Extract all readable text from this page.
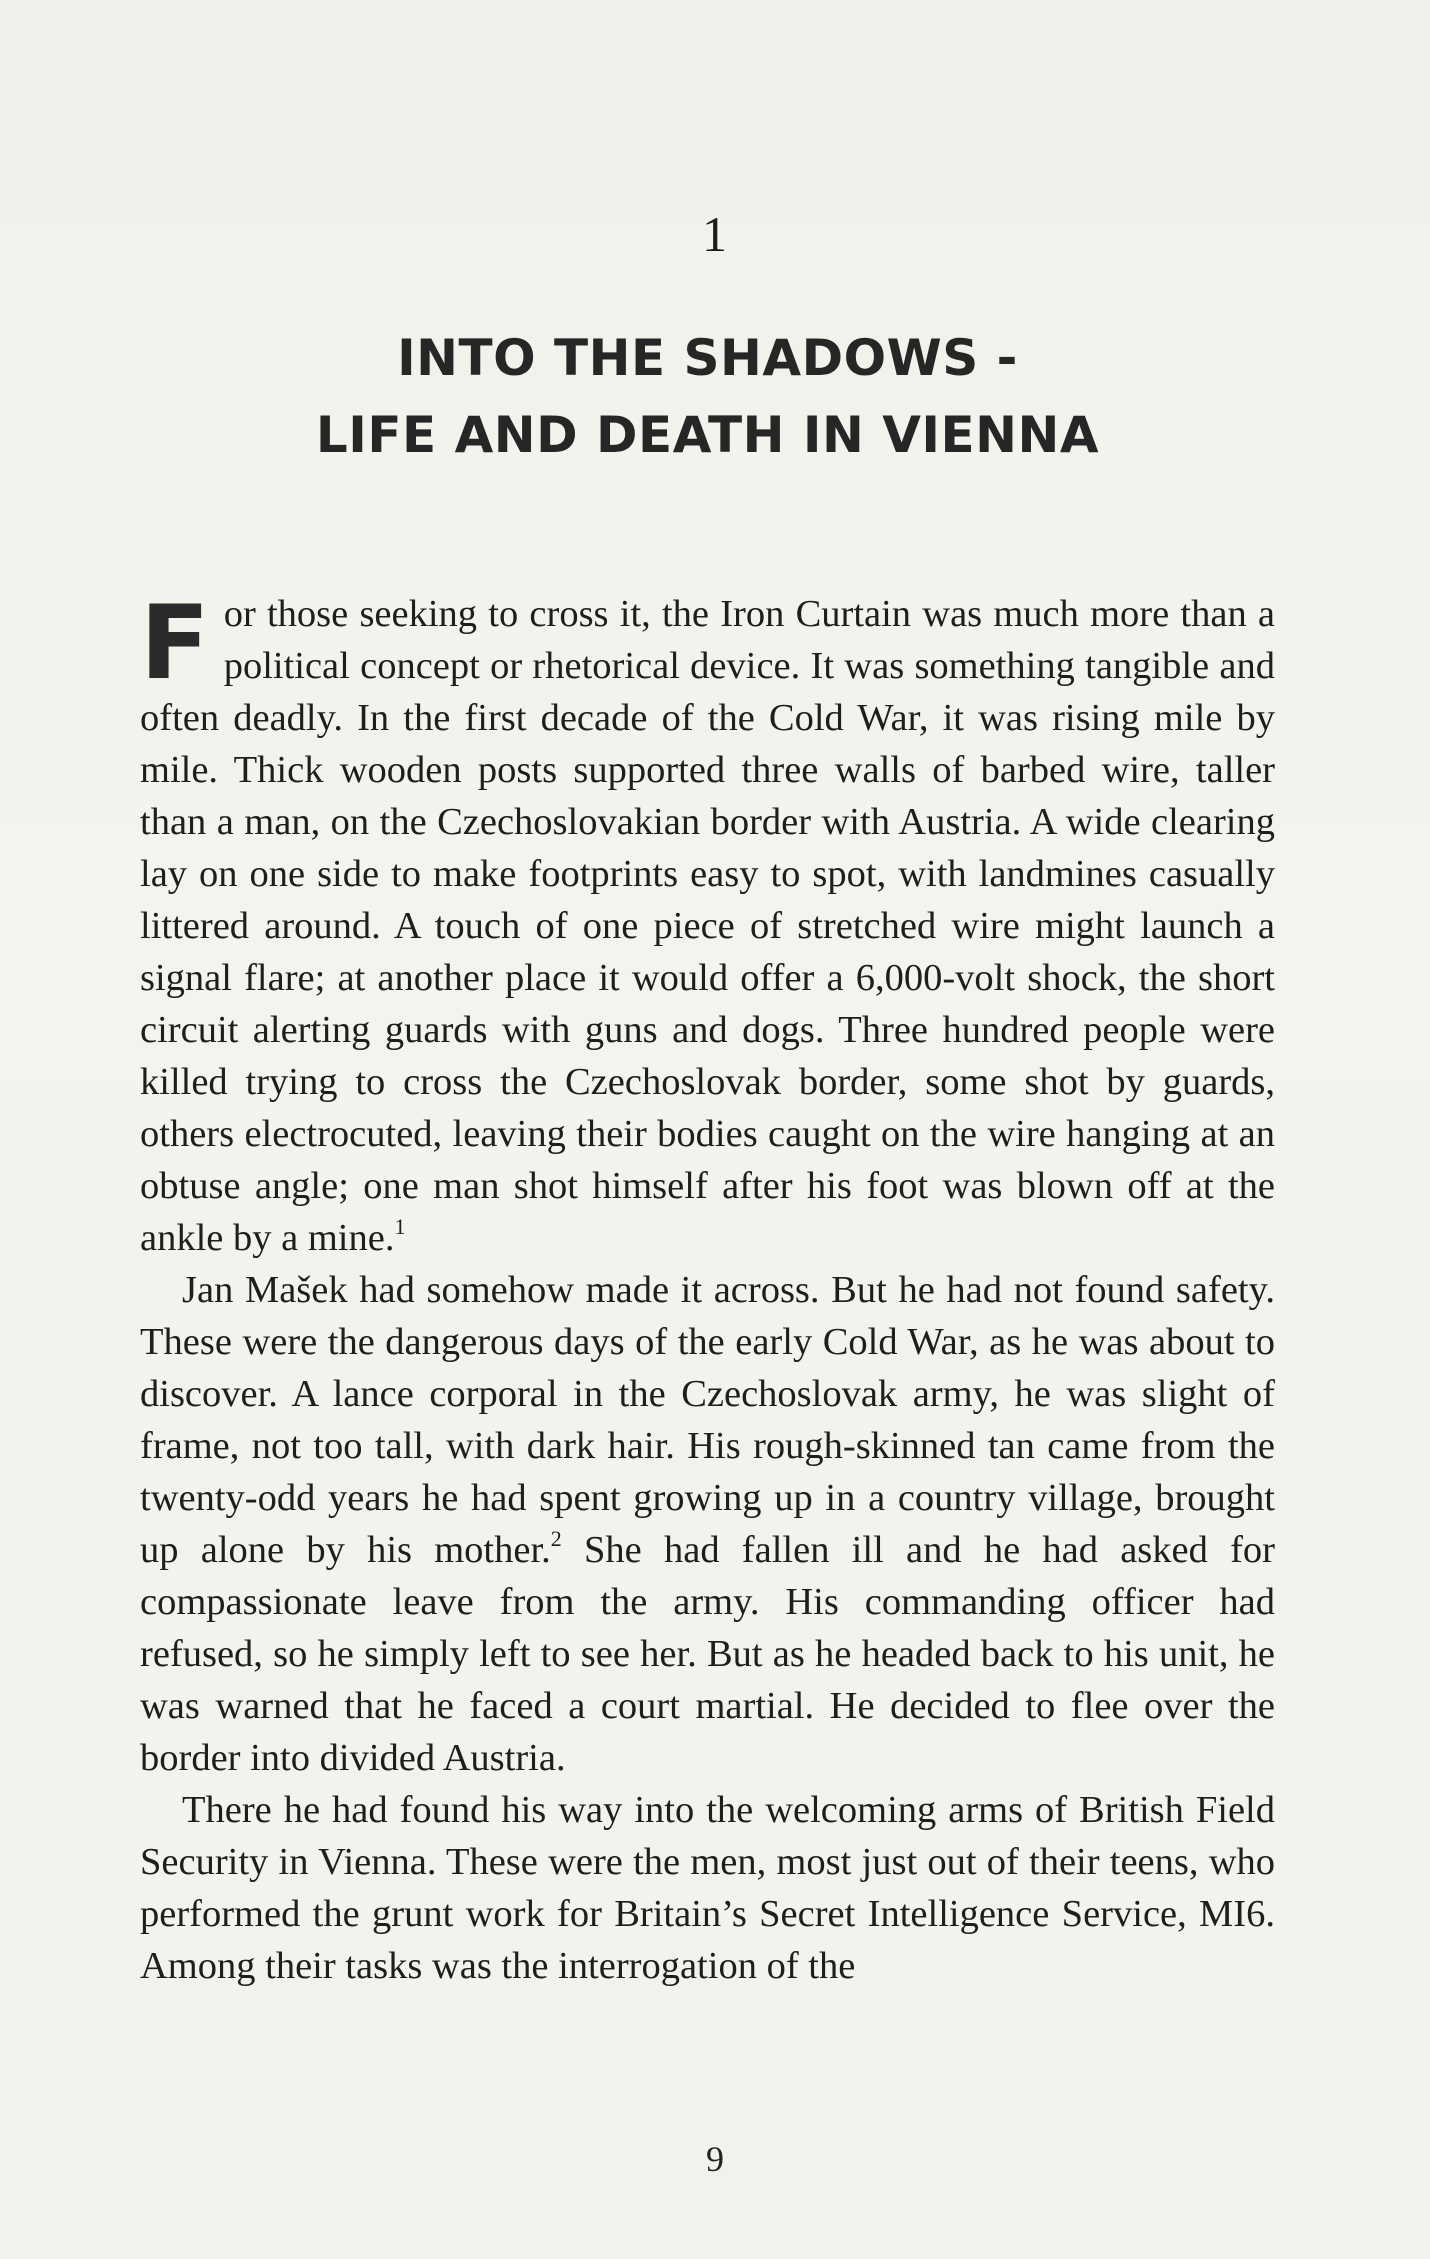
1
INTO THE SHADOWS -
LIFE AND DEATH IN VIENNA

For those seeking to cross it, the Iron Curtain was much more than a political concept or rhetorical device. It was something tangible and often deadly. In the first decade of the Cold War, it was rising mile by mile. Thick wooden posts supported three walls of barbed wire, taller than a man, on the Czechoslovakian border with Austria. A wide clearing lay on one side to make footprints easy to spot, with landmines casually littered around. A touch of one piece of stretched wire might launch a signal flare; at another place it would offer a 6,000-volt shock, the short circuit alerting guards with guns and dogs. Three hundred people were killed trying to cross the Czechoslovak border, some shot by guards, others electrocuted, leaving their bodies caught on the wire hanging at an obtuse angle; one man shot himself after his foot was blown off at the ankle by a mine.$^1$

Jan Mašek had somehow made it across. But he had not found safety. These were the dangerous days of the early Cold War, as he was about to discover. A lance corporal in the Czechoslovak army, he was slight of frame, not too tall, with dark hair. His rough-skinned tan came from the twenty-odd years he had spent growing up in a country village, brought up alone by his mother.$^2$ She had fallen ill and he had asked for compassionate leave from the army. His commanding officer had refused, so he simply left to see her. But as he headed back to his unit, he was warned that he faced a court martial. He decided to flee over the border into divided Austria.

There he had found his way into the welcoming arms of British Field Security in Vienna. These were the men, most just out of their teens, who performed the grunt work for Britain’s Secret Intelligence Service, MI6. Among their tasks was the interrogation of the

9
